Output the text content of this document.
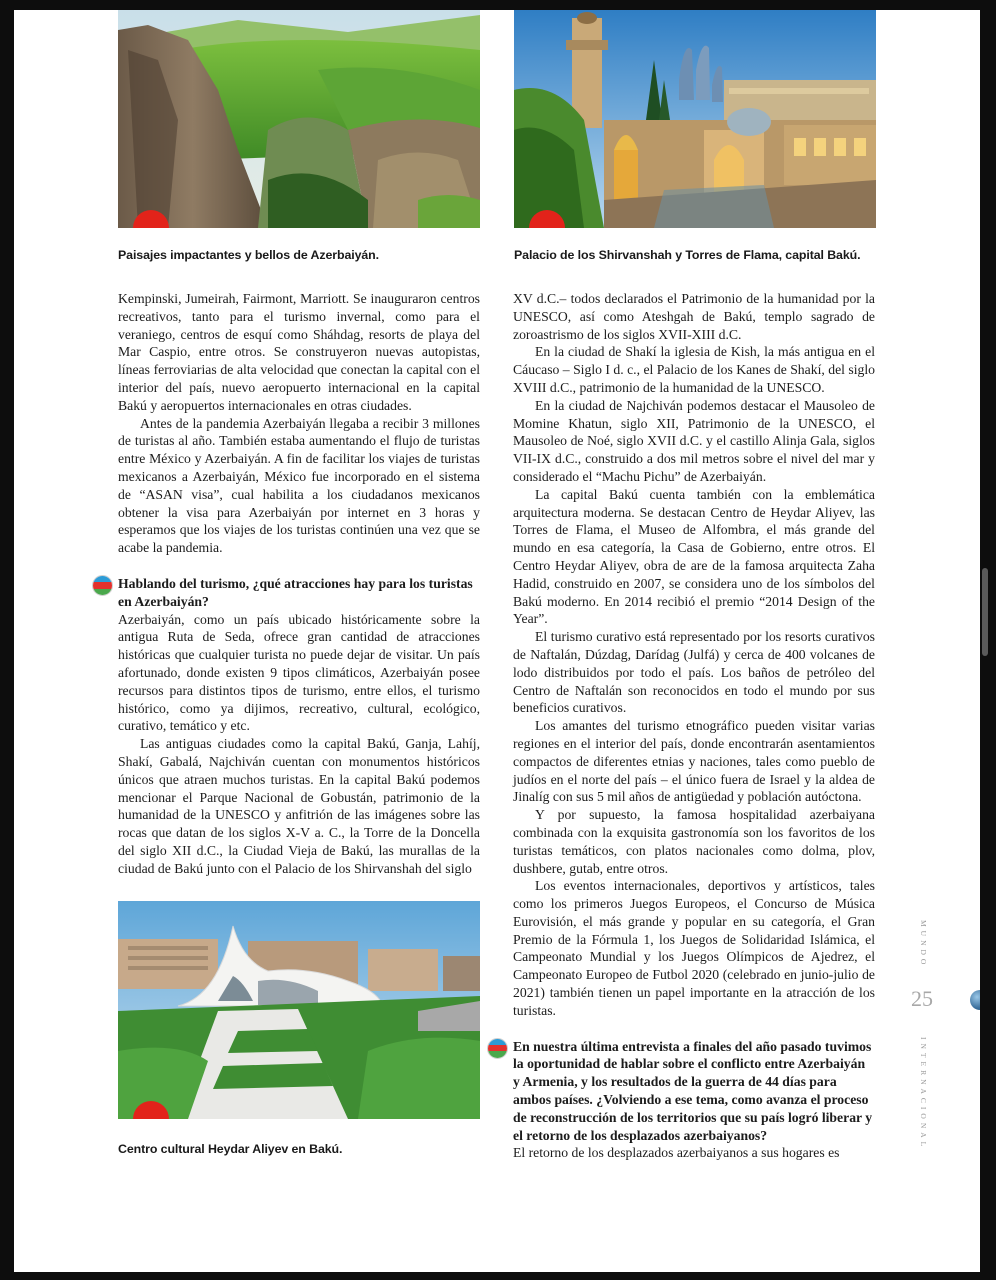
Paisajes impactantes y bellos de Azerbaiyán.	Palacio de los Shirvanshah y Torres de Flama, capital Bakú.

Kempinski, Jumeirah, Fairmont, Marriott. Se inauguraron centros recreativos, tanto para el turismo invernal, como para el veraniego, centros de esquí como Sháhdag, resorts de playa del Mar Caspio, entre otros. Se construyeron nuevas autopistas, líneas ferroviarias de alta velocidad que conectan la capital con el interior del país, nuevo aeropuerto internacional en la capital Bakú y aeropuertos internacionales en otras ciudades.

Antes de la pandemia Azerbaiyán llegaba a recibir 3 millones de turistas al año. También estaba aumentando el flujo de turistas entre México y Azerbaiyán. A fin de facilitar los viajes de turistas mexicanos a Azerbaiyán, México fue incorporado en el sistema de “ASAN visa”, cual habilita a los ciudadanos mexicanos obtener la visa para Azerbaiyán por internet en 3 horas y esperamos que los viajes de los turistas continúen una vez que se acabe la pandemia.

Hablando del turismo, ¿qué atracciones hay para los turistas en Azerbaiyán?

Azerbaiyán, como un país ubicado históricamente sobre la antigua Ruta de Seda, ofrece gran cantidad de atracciones históricas que cualquier turista no puede dejar de visitar. Un país afortunado, donde existen 9 tipos climáticos, Azerbaiyán posee recursos para distintos tipos de turismo, entre ellos, el turismo histórico, como ya dijimos, recreativo, cultural, ecológico, curativo, temático y etc.

Las antiguas ciudades como la capital Bakú, Ganja, Lahíj, Shakí, Gabalá, Najchiván cuentan con monumentos históricos únicos que atraen muchos turistas. En la capital Bakú podemos mencionar el Parque Nacional de Gobustán, patrimonio de la humanidad de la UNESCO y anfitrión de las imágenes sobre las rocas que datan de los siglos X-V a. C., la Torre de la Doncella del siglo XII d.C., la Ciudad Vieja de Bakú, las murallas de la ciudad de Bakú junto con el Palacio de los Shirvanshah del siglo

Centro cultural Heydar Aliyev en Bakú.

XV d.C.– todos declarados el Patrimonio de la humanidad por la UNESCO, así como Ateshgah de Bakú, templo sagrado de zoroastrismo de los siglos XVII-XIII d.C.

En la ciudad de Shakí la iglesia de Kish, la más antigua en el Cáucaso – Siglo I d. c., el Palacio de los Kanes de Shakí, del siglo XVIII d.C., patrimonio de la humanidad de la UNESCO.

En la ciudad de Najchiván podemos destacar el Mausoleo de Momine Khatun, siglo XII, Patrimonio de la UNESCO, el Mausoleo de Noé, siglo XVII d.C. y el castillo Alinja Gala, siglos VII-IX d.C., construido a dos mil metros sobre el nivel del mar y considerado el “Machu Pichu” de Azerbaiyán.

La capital Bakú cuenta también con la emblemática arquitectura moderna. Se destacan Centro de Heydar Aliyev, las Torres de Flama, el Museo de Alfombra, el más grande del mundo en esa categoría, la Casa de Gobierno, entre otros. El Centro Heydar Aliyev, obra de are de la famosa arquitecta Zaha Hadid, construido en 2007, se considera uno de los símbolos del Bakú moderno. En 2014 recibió el premio “2014 Design of the Year”.

El turismo curativo está representado por los resorts curativos de Naftalán, Dúzdag, Darídag (Julfá) y cerca de 400 volcanes de lodo distribuidos por todo el país. Los baños de petróleo del Centro de Naftalán son reconocidos en todo el mundo por sus beneficios curativos.

Los amantes del turismo etnográfico pueden visitar varias regiones en el interior del país, donde encontrarán asentamientos compactos de diferentes etnias y naciones, tales como pueblo de judíos en el norte del país – el único fuera de Israel y la aldea de Jinalíg con sus 5 mil años de antigüedad y población autóctona.

Y por supuesto, la famosa hospitalidad azerbaiyana combinada con la exquisita gastronomía son los favoritos de los turistas temáticos, con platos nacionales como dolma, plov, dushbere, gutab, entre otros.

Los eventos internacionales, deportivos y artísticos, tales como los primeros Juegos Europeos, el Concurso de Música Eurovisión, el más grande y popular en su categoría, el Gran Premio de la Fórmula 1, los Juegos de Solidaridad Islámica, el Campeonato Mundial y los Juegos Olímpicos de Ajedrez, el Campeonato Europeo de Futbol 2020 (celebrado en junio-julio de 2021) también tienen un papel importante en la atracción de los turistas.

En nuestra última entrevista a finales del año pasado tuvimos la oportunidad de hablar sobre el conflicto entre Azerbaiyán y Armenia, y los resultados de la guerra de 44 días para ambos países. ¿Volviendo a ese tema, como avanza el proceso de reconstrucción de los territorios que su país logró liberar y el retorno de los desplazados azerbaiyanos?

El retorno de los desplazados azerbaiyanos a sus hogares es

MUNDO
25
INTERNACIONAL
